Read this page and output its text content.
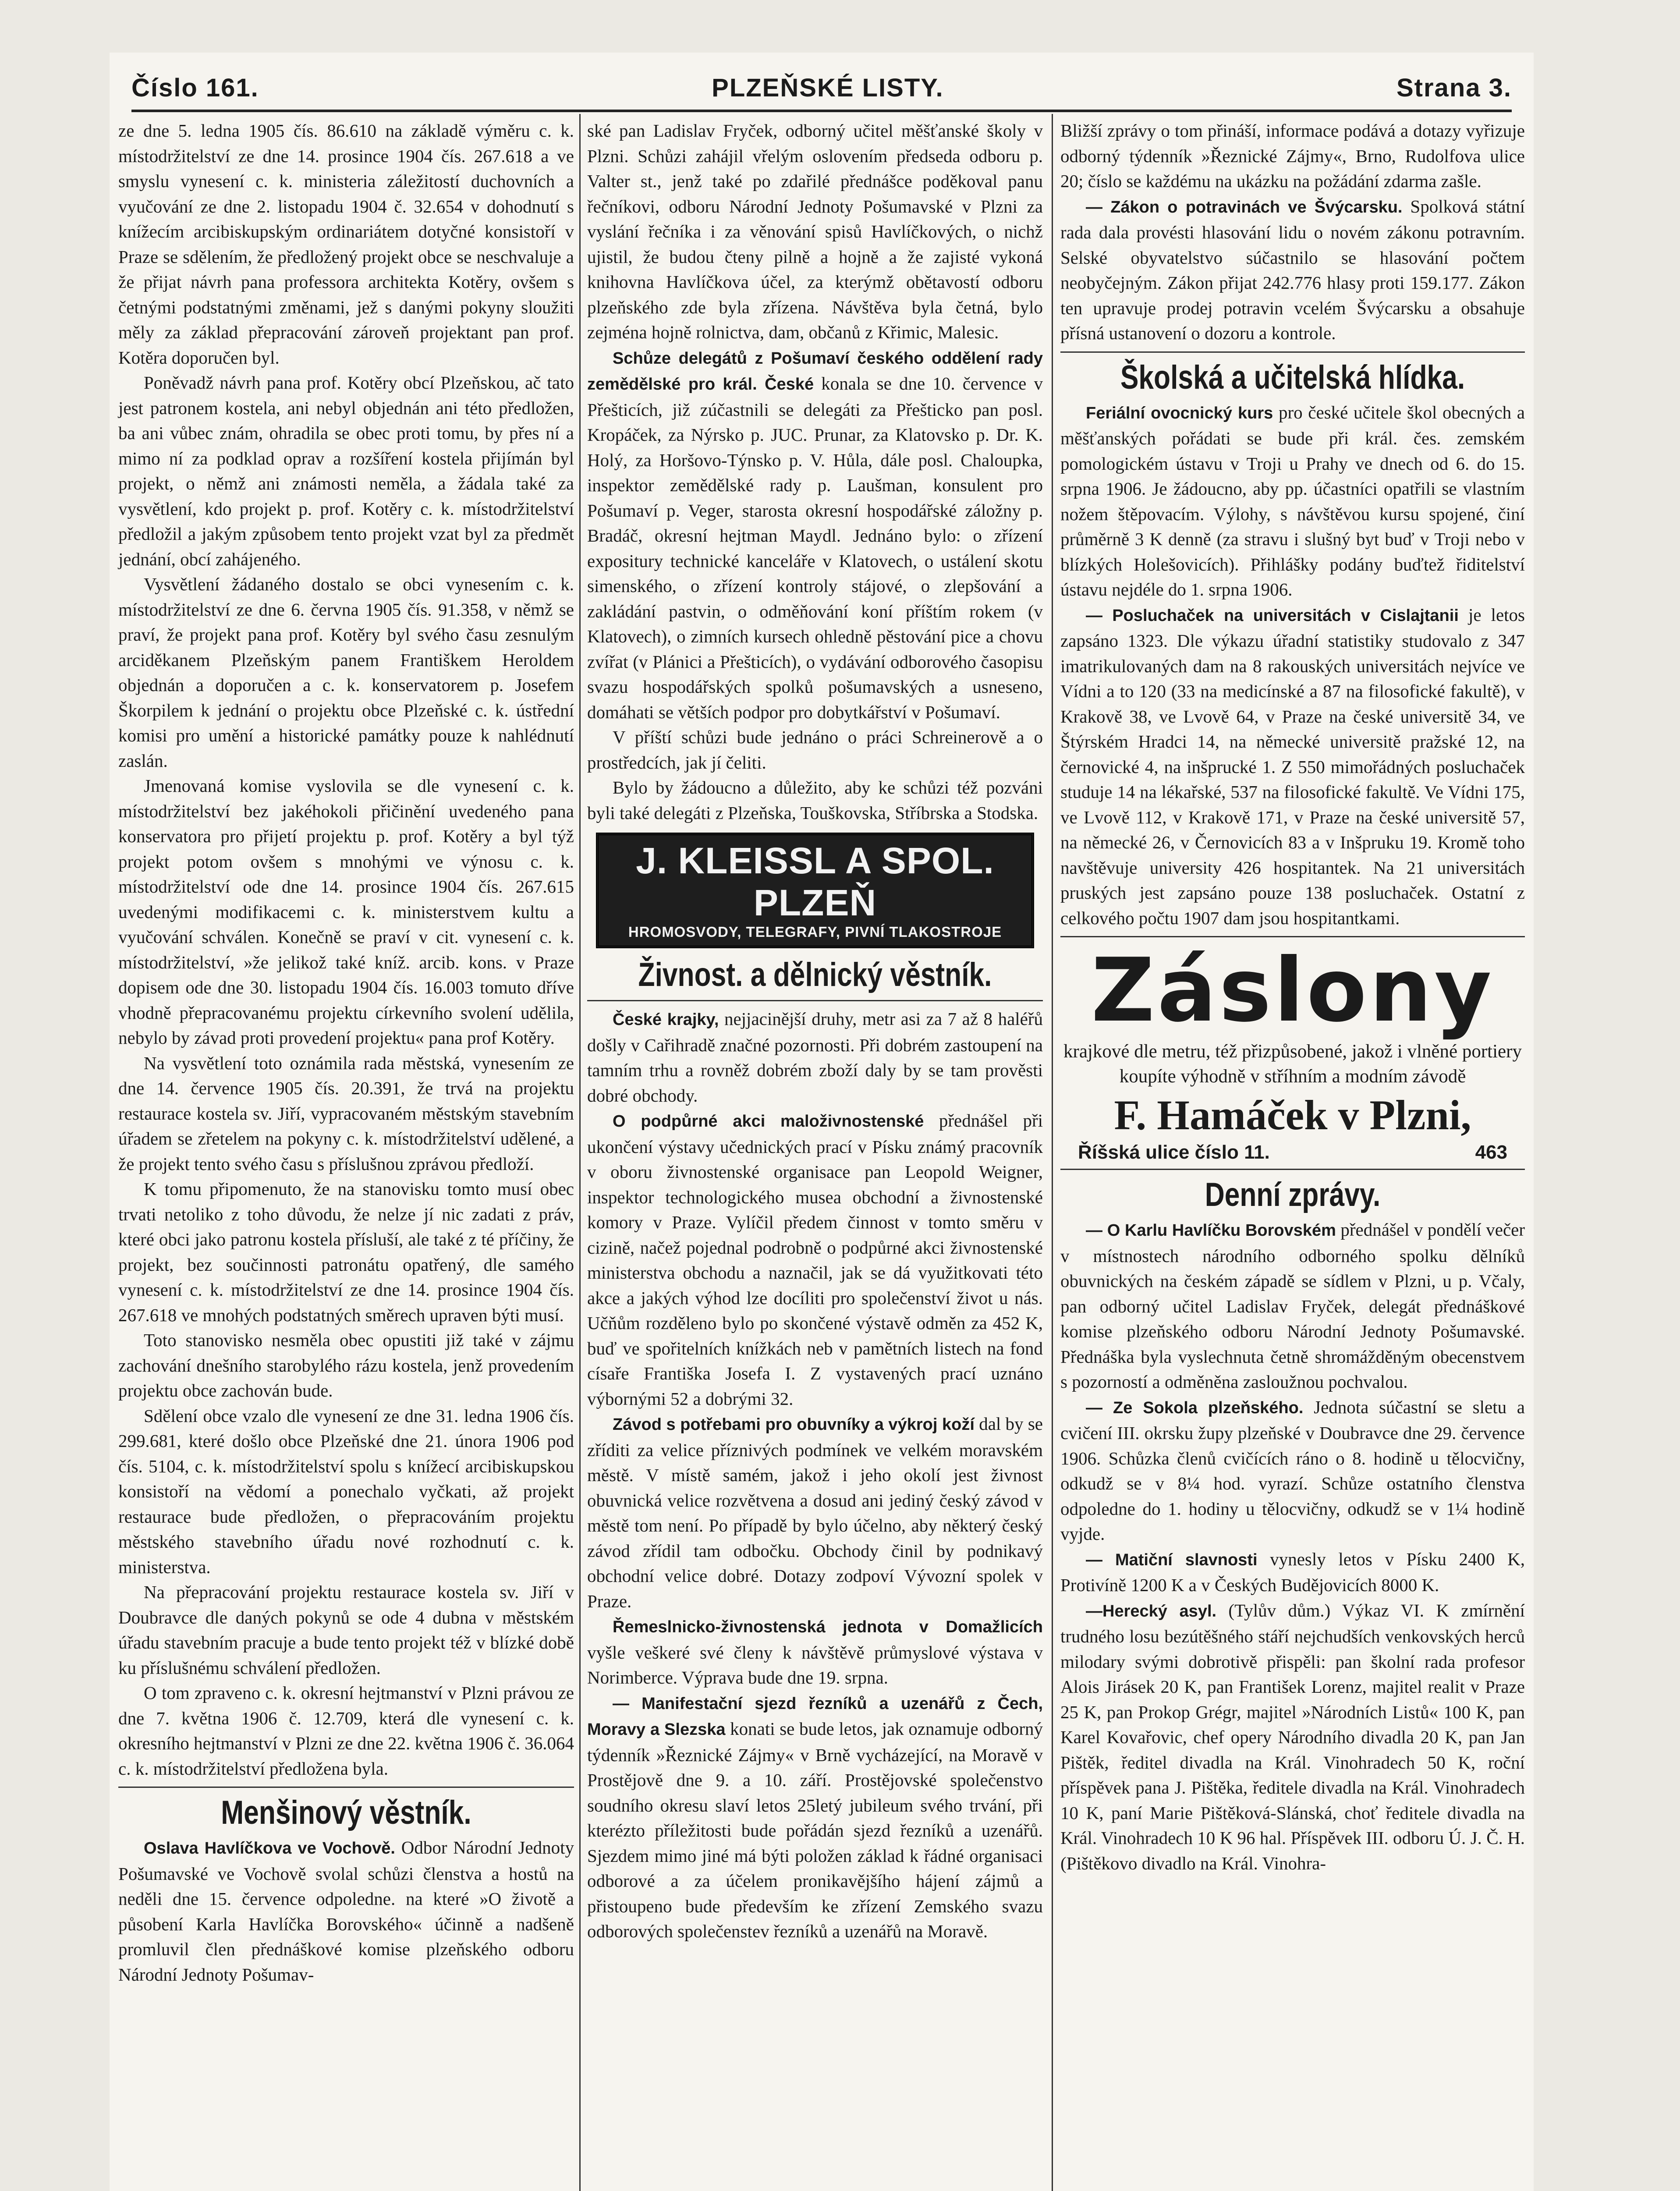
Číslo 161.	PLZEŇSKÉ LISTY.	Strana 3.

ze dne 5. ledna 1905 čís. 86.610 na základě výměru c. k. místodržitelství ze dne 14. prosince 1904 čís. 267.618 a ve smyslu vynesení c. k. ministeria záležitostí duchovních a vyučování ze dne 2. listopadu 1904 č. 32.654 v dohodnutí s knížecím arcibiskupským ordinariátem dotyčné konsistoří v Praze se sdělením, že předložený projekt obce se neschvaluje a že přijat návrh pana professora architekta Kotěry, ovšem s četnými podstatnými změnami, jež s danými pokyny sloužiti měly za základ přepracování zároveň projektant pan prof. Kotěra doporučen byl.

Poněvadž návrh pana prof. Kotěry obcí Plzeňskou, ač tato jest patronem kostela, ani nebyl objednán ani této předložen, ba ani vůbec znám, ohradila se obec proti tomu, by přes ní a mimo ní za podklad oprav a rozšíření kostela přijímán byl projekt, o němž ani známosti neměla, a žádala také za vysvětlení, kdo projekt p. prof. Kotěry c. k. místodržitelství předložil a jakým způsobem tento projekt vzat byl za předmět jednání, obcí zahájeného.

Vysvětlení žádaného dostalo se obci vynesením c. k. místodržitelství ze dne 6. června 1905 čís. 91.358, v němž se praví, že projekt pana prof. Kotěry byl svého času zesnulým arciděkanem Plzeňským panem Františkem Heroldem objednán a doporučen a c. k. konservatorem p. Josefem Škorpilem k jednání o projektu obce Plzeňské c. k. ústřední komisi pro umění a historické památky pouze k nahlédnutí zaslán.

Jmenovaná komise vyslovila se dle vynesení c. k. místodržitelství bez jakéhokoli přičinění uvedeného pana konservatora pro přijetí projektu p. prof. Kotěry a byl týž projekt potom ovšem s mnohými ve výnosu c. k. místodržitelství ode dne 14. prosince 1904 čís. 267.615 uvedenými modifikacemi c. k. ministerstvem kultu a vyučování schválen. Konečně se praví v cit. vynesení c. k. místodržitelství, »že jelikož také kníž. arcib. kons. v Praze dopisem ode dne 30. listopadu 1904 čís. 16.003 tomuto dříve vhodně přepracovanému projektu církevního svolení udělila, nebylo by závad proti provedení projektu« pana prof Kotěry.

Na vysvětlení toto oznámila rada městská, vynesením ze dne 14. července 1905 čís. 20.391, že trvá na projektu restaurace kostela sv. Jiří, vypracovaném městským stavebním úřadem se zřetelem na pokyny c. k. místodržitelství udělené, a že projekt tento svého času s příslušnou zprávou předloží.

K tomu připomenuto, že na stanovisku tomto musí obec trvati netoliko z toho důvodu, že nelze jí nic zadati z práv, které obci jako patronu kostela přísluší, ale také z té příčiny, že projekt, bez součinnosti patronátu opatřený, dle samého vynesení c. k. místodržitelství ze dne 14. prosince 1904 čís. 267.618 ve mnohých podstatných směrech upraven býti musí.

Toto stanovisko nesměla obec opustiti již také v zájmu zachování dnešního starobylého rázu kostela, jenž provedením projektu obce zachován bude.

Sdělení obce vzalo dle vynesení ze dne 31. ledna 1906 čís. 299.681, které došlo obce Plzeňské dne 21. února 1906 pod čís. 5104, c. k. místodržitelství spolu s knížecí arcibiskupskou konsistoří na vědomí a ponechalo vyčkati, až projekt restaurace bude předložen, o přepracováním projektu městského stavebního úřadu nové rozhodnutí c. k. ministerstva.

Na přepracování projektu restaurace kostela sv. Jiří v Doubravce dle daných pokynů se ode 4 dubna v městském úřadu stavebním pracuje a bude tento projekt též v blízké době ku příslušnému schválení předložen.

O tom zpraveno c. k. okresní hejtmanství v Plzni právou ze dne 7. května 1906 č. 12.709, která dle vynesení c. k. okresního hejtmanství v Plzni ze dne 22. května 1906 č. 36.064 c. k. místodržitelství předložena byla.

Menšinový věstník.

Oslava Havlíčkova ve Vochově. Odbor Národní Jednoty Pošumavské ve Vochově svolal schůzi členstva a hostů na neděli dne 15. července odpoledne. na které »O životě a působení Karla Havlíčka Borovského« účinně a nadšeně promluvil člen přednáškové komise plzeňského odboru Národní Jednoty Pošumav-

ské pan Ladislav Fryček, odborný učitel měšťanské školy v Plzni. Schůzi zahájil vřelým oslovením předseda odboru p. Valter st., jenž také po zdařilé přednášce poděkoval panu řečníkovi, odboru Národní Jednoty Pošumavské v Plzni za vyslání řečníka i za věnování spisů Havlíčkových, o nichž ujistil, že budou čteny pilně a hojně a že zajisté vykoná knihovna Havlíčkova účel, za kterýmž obětavostí odboru plzeňského zde byla zřízena. Návštěva byla četná, bylo zejména hojně rolnictva, dam, občanů z Křimic, Malesic.

Schůze delegátů z Pošumaví českého oddělení rady zemědělské pro král. České konala se dne 10. července v Přešticích, již zúčastnili se delegáti za Přešticko pan posl. Kropáček, za Nýrsko p. JUC. Prunar, za Klatovsko p. Dr. K. Holý, za Horšovo-Týnsko p. V. Hůla, dále posl. Chaloupka, inspektor zemědělské rady p. Laušman, konsulent pro Pošumaví p. Veger, starosta okresní hospodářské záložny p. Bradáč, okresní hejtman Maydl. Jednáno bylo: o zřízení expositury technické kanceláře v Klatovech, o ustálení skotu simenského, o zřízení kontroly stájové, o zlepšování a zakládání pastvin, o odměňování koní příštím rokem (v Klatovech), o zimních kursech ohledně pěstování pice a chovu zvířat (v Plánici a Přešticích), o vydávání odborového časopisu svazu hospodářských spolků pošumavských a usneseno, domáhati se větších podpor pro dobytkářství v Pošumaví.

V příští schůzi bude jednáno o práci Schreinerově a o prostředcích, jak jí čeliti.

Bylo by žádoucno a důležito, aby ke schůzi též pozváni byli také delegáti z Plzeňska, Touškovska, Stříbrska a Stodska.

J. KLEISSL A SPOL. PLZEŇ
HROMOSVODY, TELEGRAFY, PIVNÍ TLAKOSTROJE
Živnost. a dělnický věstník.

České krajky, nejjacinější druhy, metr asi za 7 až 8 haléřů došly v Cařihradě značné pozornosti. Při dobrém zastoupení na tamním trhu a rovněž dobrém zboží daly by se tam prověsti dobré obchody.

O podpůrné akci maloživnostenské přednášel při ukončení výstavy učednických prací v Písku známý pracovník v oboru živnostenské organisace pan Leopold Weigner, inspektor technologického musea obchodní a živnostenské komory v Praze. Vylíčil předem činnost v tomto směru v cizině, načež pojednal podrobně o podpůrné akci živnostenské ministerstva obchodu a naznačil, jak se dá využitkovati této akce a jakých výhod lze docíliti pro společenství život u nás. Učňům rozděleno bylo po skončené výstavě odměn za 452 K, buď ve spořitelních knížkách neb v pamětních listech na fond císaře Františka Josefa I. Z vystavených prací uznáno výbornými 52 a dobrými 32.

Závod s potřebami pro obuvníky a výkroj koží dal by se zříditi za velice příznivých podmínek ve velkém moravském městě. V místě samém, jakož i jeho okolí jest živnost obuvnická velice rozvětvena a dosud ani jediný český závod v městě tom není. Po případě by bylo účelno, aby některý český závod zřídil tam odbočku. Obchody činil by podnikavý obchodní velice dobré. Dotazy zodpoví Vývozní spolek v Praze.

Řemeslnicko-živnostenská jednota v Domažlicích vyšle veškeré své členy k návštěvě průmyslové výstava v Norimberce. Výprava bude dne 19. srpna.

— Manifestační sjezd řezníků a uzenářů z Čech, Moravy a Slezska konati se bude letos, jak oznamuje odborný týdenník »Řeznické Zájmy« v Brně vycházející, na Moravě v Prostějově dne 9. a 10. září. Prostějovské společenstvo soudního okresu slaví letos 25letý jubileum svého trvání, při kterézto příležitosti bude pořádán sjezd řezníků a uzenářů. Sjezdem mimo jiné má býti položen základ k řádné organisaci odborové a za účelem pronikavějšího hájení zájmů a přistoupeno bude především ke zřízení Zemského svazu odborových společenstev řezníků a uzenářů na Moravě.

Bližší zprávy o tom přináší, informace podává a dotazy vyřizuje odborný týdenník »Řeznické Zájmy«, Brno, Rudolfova ulice 20; číslo se každému na ukázku na požádání zdarma zašle.

— Zákon o potravinách ve Švýcarsku. Spolková státní rada dala provésti hlasování lidu o novém zákonu potravním. Selské obyvatelstvo súčastnilo se hlasování počtem neobyčejným. Zákon přijat 242.776 hlasy proti 159.177. Zákon ten upravuje prodej potravin vcelém Švýcarsku a obsahuje přísná ustanovení o dozoru a kontrole.

Školská a učitelská hlídka.

Feriální ovocnický kurs pro české učitele škol obecných a měšťanských pořádati se bude při král. čes. zemském pomologickém ústavu v Troji u Prahy ve dnech od 6. do 15. srpna 1906. Je žádoucno, aby pp. účastníci opatřili se vlastním nožem štěpovacím. Výlohy, s návštěvou kursu spojené, činí průměrně 3 K denně (za stravu i slušný byt buď v Troji nebo v blízkých Holešovicích). Přihlášky podány buďtež řiditelství ústavu nejdéle do 1. srpna 1906.

— Posluchaček na universitách v Cislajtanii je letos zapsáno 1323. Dle výkazu úřadní statistiky studovalo z 347 imatrikulovaných dam na 8 rakouských universitách nejvíce ve Vídni a to 120 (33 na medicínské a 87 na filosofické fakultě), v Krakově 38, ve Lvově 64, v Praze na české universitě 34, ve Štýrském Hradci 14, na německé universitě pražské 12, na černovické 4, na inšprucké 1. Z 550 mimořádných posluchaček studuje 14 na lékařské, 537 na filosofické fakultě. Ve Vídni 175, ve Lvově 112, v Krakově 171, v Praze na české universitě 57, na německé 26, v Černovicích 83 a v Inšpruku 19. Kromě toho navštěvuje university 426 hospitantek. Na 21 universitách pruských jest zapsáno pouze 138 posluchaček. Ostatní z celkového počtu 1907 dam jsou hospitantkami.

Záslony

krajkové dle metru, též přizpůsobené, jakož i vlněné portiery koupíte výhodně v stříhním a modním závodě

F. Hamáček v Plzni,
Říšská ulice číslo 11.	463
Denní zprávy.

— O Karlu Havlíčku Borovském přednášel v pondělí večer v místnostech národního odborného spolku dělníků obuvnických na českém západě se sídlem v Plzni, u p. Včaly, pan odborný učitel Ladislav Fryček, delegát přednáškové komise plzeňského odboru Národní Jednoty Pošumavské. Přednáška byla vyslechnuta četně shromážděným obecenstvem s pozorností a odměněna zasloužnou pochvalou.

— Ze Sokola plzeňského. Jednota súčastní se sletu a cvičení III. okrsku župy plzeňské v Doubravce dne 29. července 1906. Schůzka členů cvičících ráno o 8. hodině u tělocvičny, odkudž se v 8¼ hod. vyrazí. Schůze ostatního členstva odpoledne do 1. hodiny u tělocvičny, odkudž se v 1¼ hodině vyjde.

— Matiční slavnosti vynesly letos v Písku 2400 K, Protivíně 1200 K a v Českých Budějovicích 8000 K.

—Herecký asyl. (Tylův dům.) Výkaz VI. K zmírnění trudného losu bezútěšného stáří nejchudších venkovských herců milodary svými dobrotivě přispěli: pan školní rada profesor Alois Jirásek 20 K, pan František Lorenz, majitel realit v Praze 25 K, pan Prokop Grégr, majitel »Národních Listů« 100 K, pan Karel Kovařovic, chef opery Národního divadla 20 K, pan Jan Pištěk, ředitel divadla na Král. Vinohradech 50 K, roční příspěvek pana J. Pištěka, ředitele divadla na Král. Vinohradech 10 K, paní Marie Pištěková-Slánská, choť ředitele divadla na Král. Vinohradech 10 K 96 hal. Příspěvek III. odboru Ú. J. Č. H. (Pištěkovo divadlo na Král. Vinohra-
